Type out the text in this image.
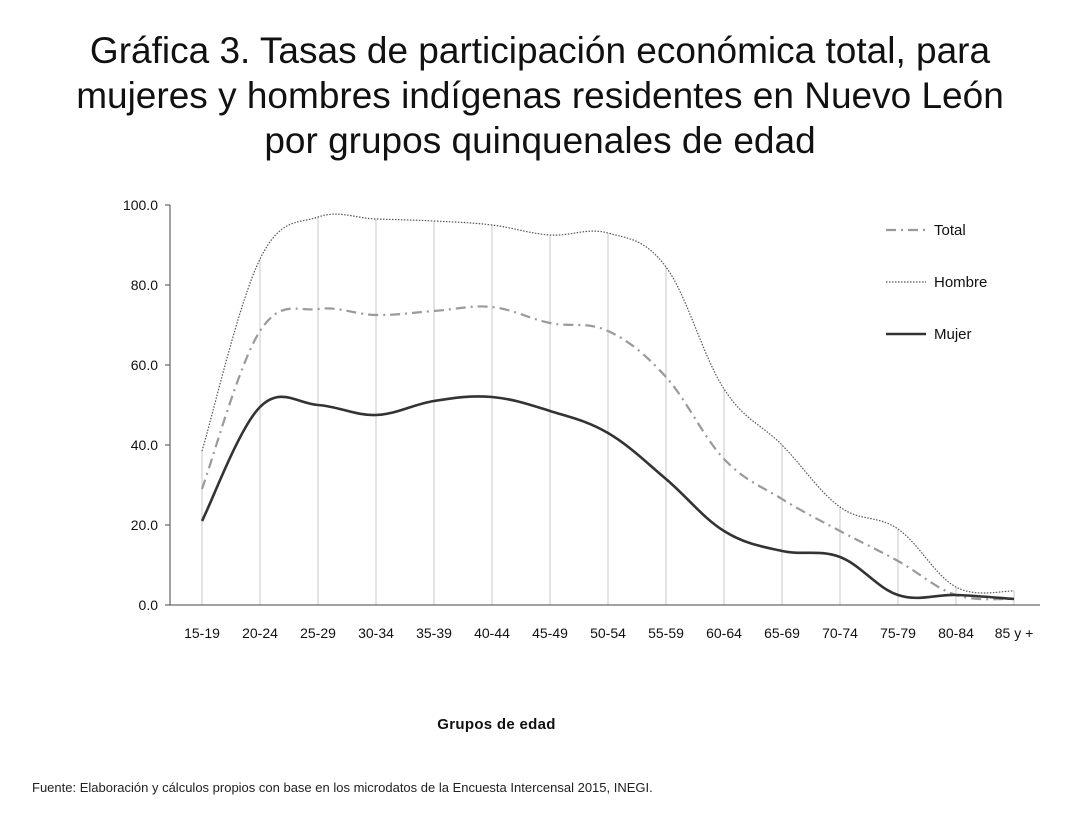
Gráfica 3. Tasas de participación económica total, para
mujeres y hombres indígenas residentes en Nuevo León
por grupos quinquenales de edad
0.0
20.0
40.0
60.0
80.0
100.0
15-19 20-24 25-29 30-34 35-39 40-44 45-49 50-54 55-59 60-64 65-69 70-74 75-79 80-84 85 y +
Total
Hombre
Mujer
Grupos de edad
Fuente: Elaboración y cálculos propios con base en los microdatos de la Encuesta Intercensal 2015, INEGI.
